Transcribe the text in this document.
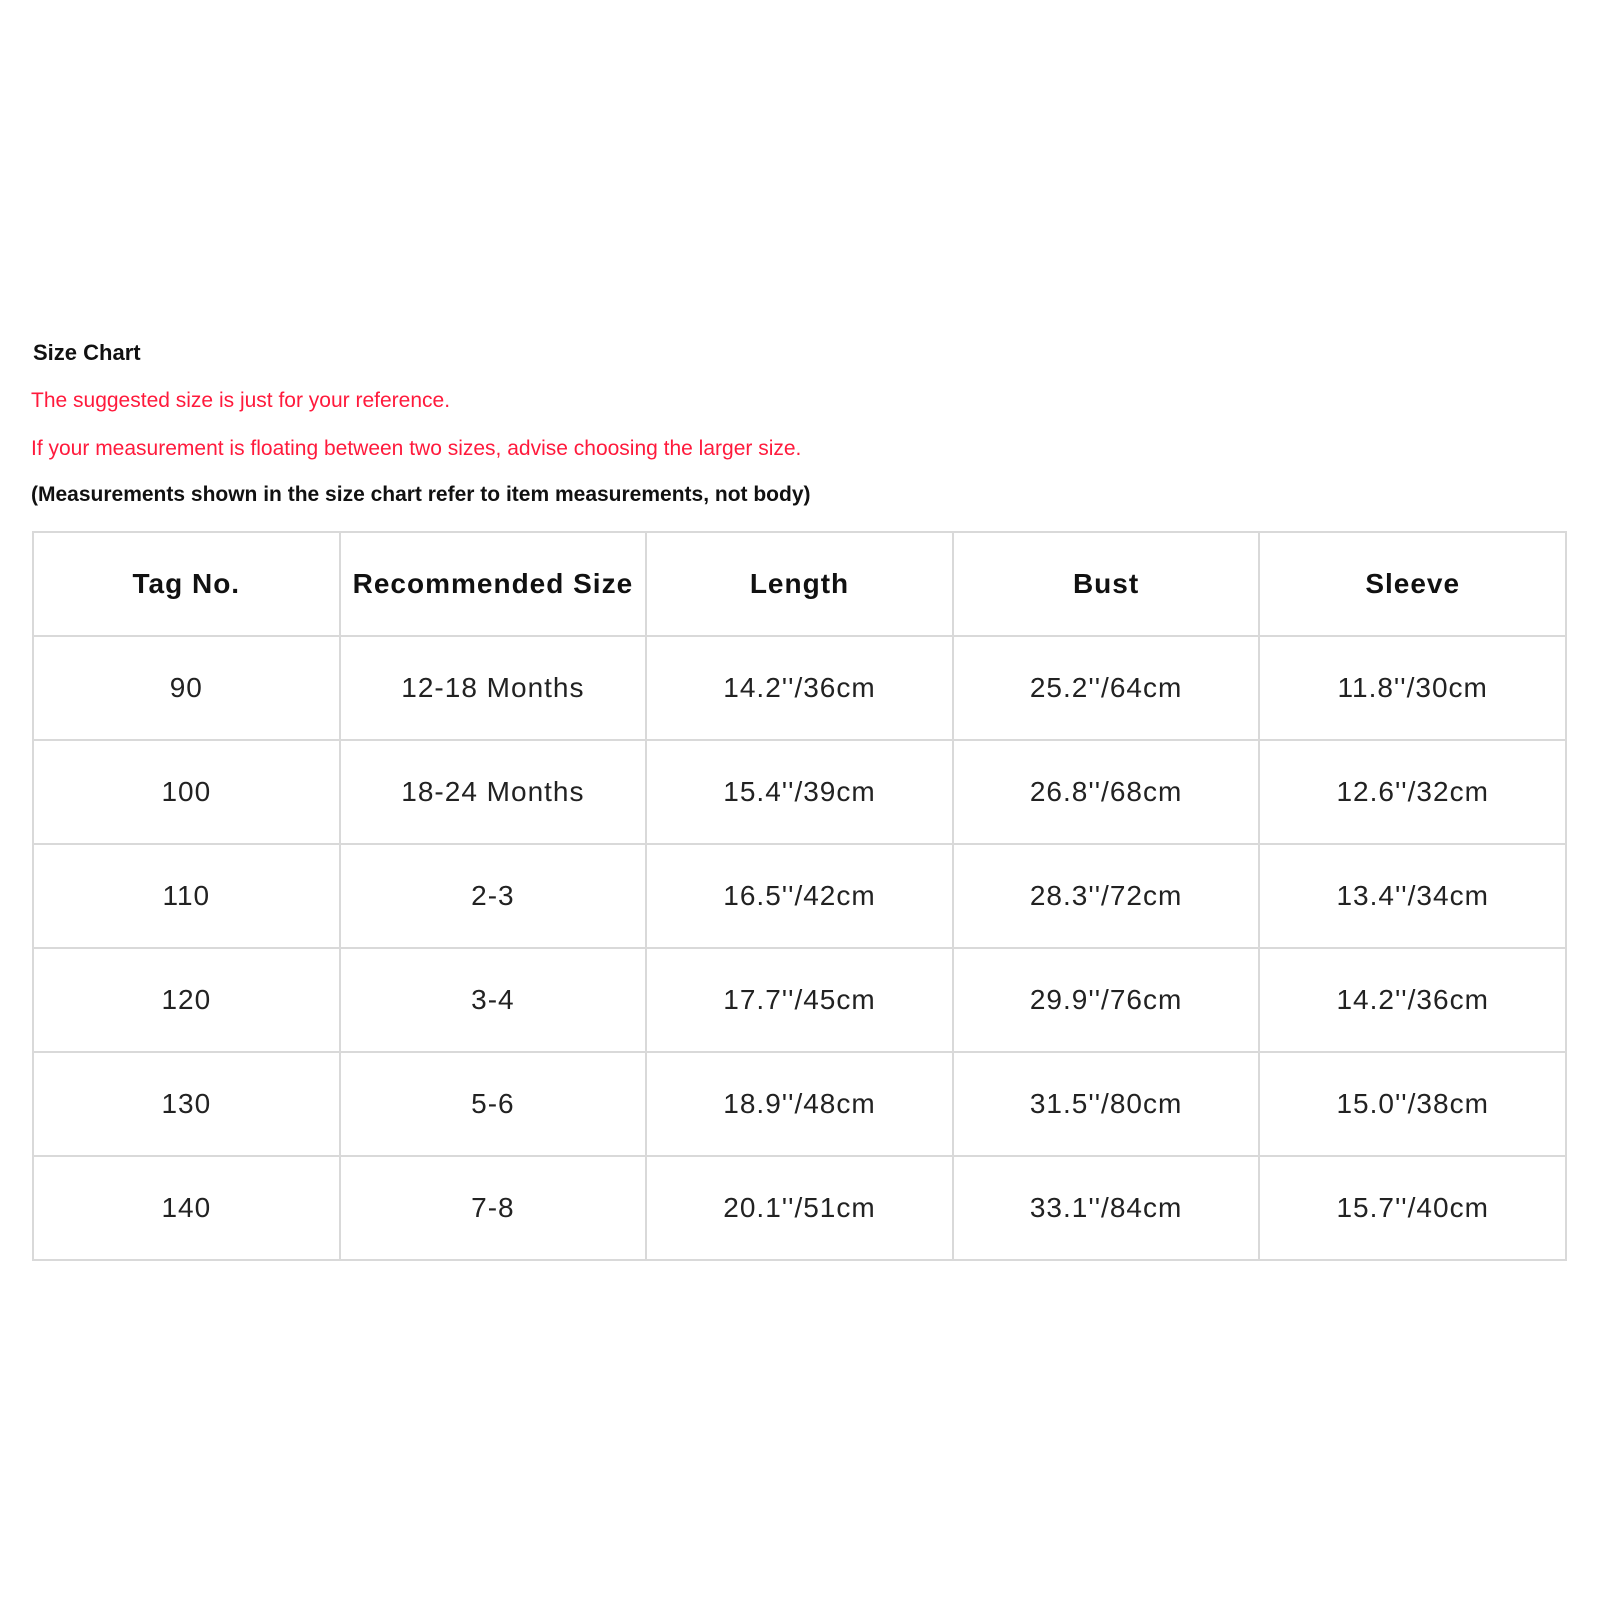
Size Chart
The suggested size is just for your reference.
If your measurement is floating between two sizes, advise choosing the larger size.
(Measurements shown in the size chart refer to item measurements, not body)
Tag No.	Recommended Size	Length	Bust	Sleeve
90	12-18 Months	14.2''/36cm	25.2''/64cm	11.8''/30cm
100	18-24 Months	15.4''/39cm	26.8''/68cm	12.6''/32cm
110	2-3	16.5''/42cm	28.3''/72cm	13.4''/34cm
120	3-4	17.7''/45cm	29.9''/76cm	14.2''/36cm
130	5-6	18.9''/48cm	31.5''/80cm	15.0''/38cm
140	7-8	20.1''/51cm	33.1''/84cm	15.7''/40cm
